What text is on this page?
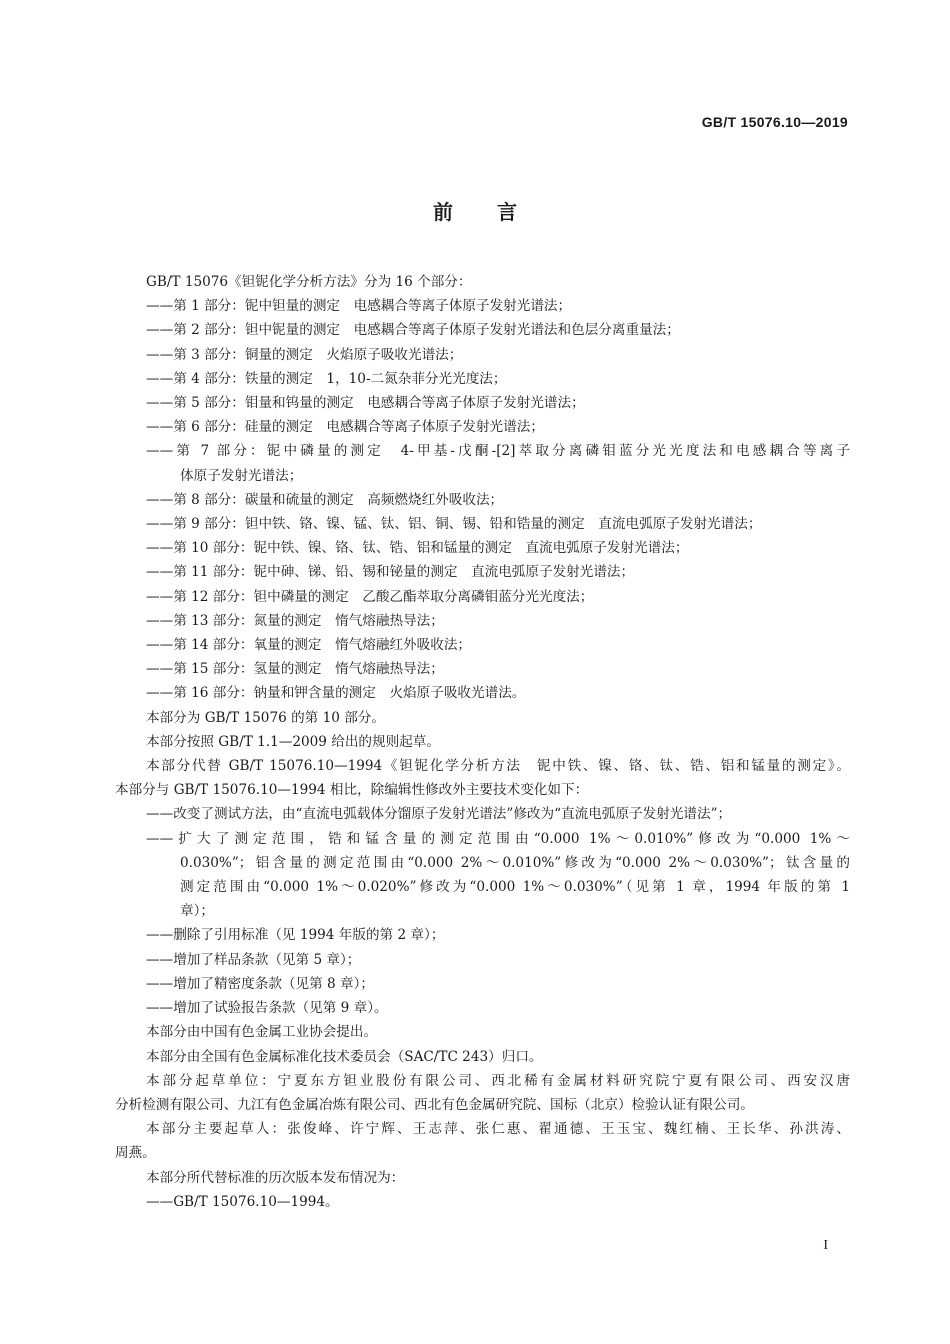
GB/T 15076.10—2019
前言
GB/T 15076《钽铌化学分析方法》分为 16 个部分：
——第 1 部分：铌中钽量的测定　电感耦合等离子体原子发射光谱法；
——第 2 部分：钽中铌量的测定　电感耦合等离子体原子发射光谱法和色层分离重量法；
——第 3 部分：铜量的测定　火焰原子吸收光谱法；
——第 4 部分：铁量的测定　1，10-二氮杂菲分光光度法；
——第 5 部分：钼量和钨量的测定　电感耦合等离子体原子发射光谱法；
——第 6 部分：硅量的测定　电感耦合等离子体原子发射光谱法；
——第 7 部分：铌中磷量的测定　4-甲基-戊酮-[2]萃取分离磷钼蓝分光光度法和电感耦合等离子
体原子发射光谱法；
——第 8 部分：碳量和硫量的测定　高频燃烧红外吸收法；
——第 9 部分：钽中铁、铬、镍、锰、钛、铝、铜、锡、铅和锆量的测定　直流电弧原子发射光谱法；
——第 10 部分：铌中铁、镍、铬、钛、锆、铝和锰量的测定　直流电弧原子发射光谱法；
——第 11 部分：铌中砷、锑、铅、锡和铋量的测定　直流电弧原子发射光谱法；
——第 12 部分：钽中磷量的测定　乙酸乙酯萃取分离磷钼蓝分光光度法；
——第 13 部分：氮量的测定　惰气熔融热导法；
——第 14 部分：氧量的测定　惰气熔融红外吸收法；
——第 15 部分：氢量的测定　惰气熔融热导法；
——第 16 部分：钠量和钾含量的测定　火焰原子吸收光谱法。
本部分为 GB/T 15076 的第 10 部分。
本部分按照 GB/T 1.1—2009 给出的规则起草。
本部分代替 GB/T 15076.10—1994《钽铌化学分析方法　铌中铁、镍、铬、钛、锆、铝和锰量的测定》。
本部分与 GB/T 15076.10—1994 相比，除编辑性修改外主要技术变化如下：
——改变了测试方法，由“直流电弧载体分馏原子发射光谱法”修改为“直流电弧原子发射光谱法”；
——扩大了测定范围，锆和锰含量的测定范围由“0.000 1%～0.010%”修改为“0.000 1%～
0.030%”；铝含量的测定范围由“0.000 2%～0.010%”修改为“0.000 2%～0.030%”；钛含量的
测定范围由“0.000 1%～0.020%”修改为“0.000 1%～0.030%”（见第 1 章，1994 年版的第 1
章）；
——删除了引用标准（见 1994 年版的第 2 章）；
——增加了样品条款（见第 5 章）；
——增加了精密度条款（见第 8 章）；
——增加了试验报告条款（见第 9 章）。
本部分由中国有色金属工业协会提出。
本部分由全国有色金属标准化技术委员会（SAC/TC 243）归口。
本部分起草单位：宁夏东方钽业股份有限公司、西北稀有金属材料研究院宁夏有限公司、西安汉唐
分析检测有限公司、九江有色金属冶炼有限公司、西北有色金属研究院、国标（北京）检验认证有限公司。
本部分主要起草人：张俊峰、许宁辉、王志萍、张仁惠、翟通德、王玉宝、魏红楠、王长华、孙洪涛、
周燕。
本部分所代替标准的历次版本发布情况为：
——GB/T 15076.10—1994。
I
